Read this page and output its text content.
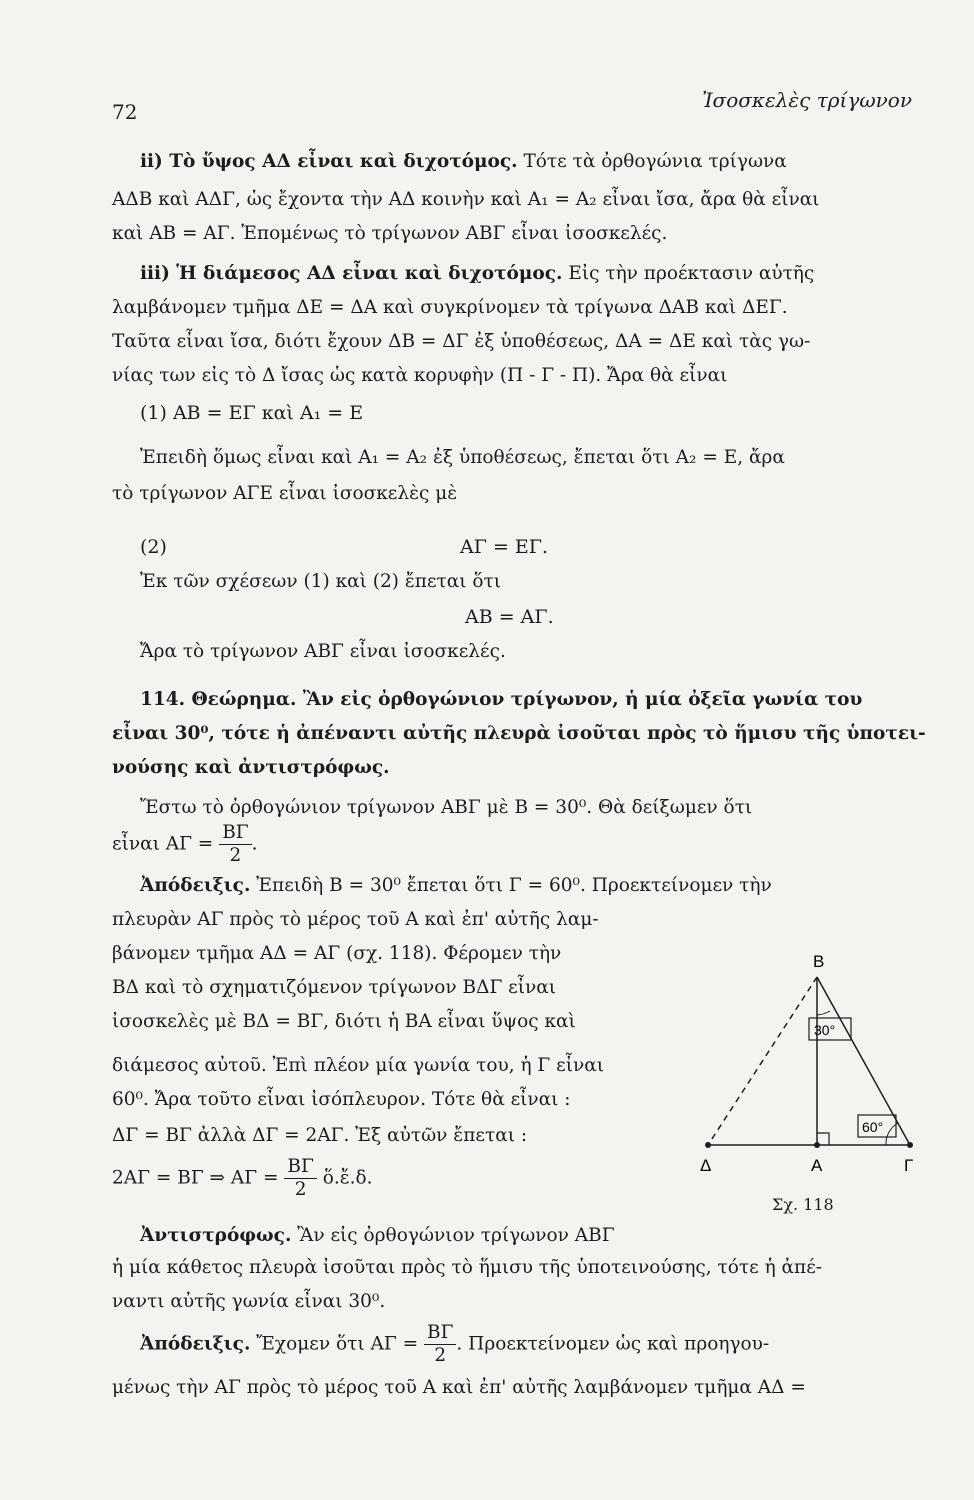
72	Ἰσοσκελὲς τρίγωνον
ii) Τὸ ὕψος ΑΔ εἶναι καὶ διχοτόμος. Τότε τὰ ὀρθογώνια τρίγωνα
ΑΔΒ καὶ ΑΔΓ, ὡς ἔχοντα τὴν ΑΔ κοινὴν καὶ Α₁ = Α₂ εἶναι ἴσα, ἄρα θὰ εἶναι
καὶ ΑΒ = ΑΓ. Ἑπομένως τὸ τρίγωνον ΑΒΓ εἶναι ἰσοσκελές.
iii) Ἡ διάμεσος ΑΔ εἶναι καὶ διχοτόμος. Εἰς τὴν προέκτασιν αὐτῆς
λαμβάνομεν τμῆμα ΔΕ = ΔΑ καὶ συγκρίνομεν τὰ τρίγωνα ΔΑΒ καὶ ΔΕΓ.
Ταῦτα εἶναι ἴσα, διότι ἔχουν ΔΒ = ΔΓ ἐξ ὑποθέσεως, ΔΑ = ΔΕ καὶ τὰς γω-
νίας των εἰς τὸ Δ ἴσας ὡς κατὰ κορυφὴν (Π - Γ - Π). Ἄρα θὰ εἶναι
(1) ΑΒ = ΕΓ καὶ Α₁ = Ε
Ἐπειδὴ ὅμως εἶναι καὶ Α₁ = Α₂ ἐξ ὑποθέσεως, ἔπεται ὅτι Α₂ = Ε, ἄρα
τὸ τρίγωνον ΑΓΕ εἶναι ἰσοσκελὲς μὲ
(2)	ΑΓ = ΕΓ.
Ἐκ τῶν σχέσεων (1) καὶ (2) ἔπεται ὅτι
ΑΒ = ΑΓ.
Ἄρα τὸ τρίγωνον ΑΒΓ εἶναι ἰσοσκελές.
114. Θεώρημα. Ἂν εἰς ὀρθογώνιον τρίγωνον, ἡ μία ὀξεῖα γωνία του
εἶναι 30⁰, τότε ἡ ἀπέναντι αὐτῆς πλευρὰ ἰσοῦται πρὸς τὸ ἥμισυ τῆς ὑποτει-
νούσης καὶ ἀντιστρόφως.
Ἔστω τὸ ὀρθογώνιον τρίγωνον ΑΒΓ μὲ Β = 30⁰. Θὰ δείξωμεν ὅτι
εἶναι $A\Gamma = \frac{B\Gamma}{2}$ .
Ἀπόδειξις. Ἐπειδὴ Β = 30⁰ ἔπεται ὅτι Γ = 60⁰. Προεκτείνομεν τὴν
πλευρὰν ΑΓ πρὸς τὸ μέρος τοῦ Α καὶ ἐπ' αὐτῆς λαμ-
βάνομεν τμῆμα ΑΔ = ΑΓ (σχ. 118). Φέρομεν τὴν
ΒΔ καὶ τὸ σχηματιζόμενον τρίγωνον ΒΔΓ εἶναι
ἰσοσκελὲς μὲ ΒΔ = ΒΓ, διότι ἡ ΒΑ εἶναι ὕψος καὶ
διάμεσος αὐτοῦ. Ἐπὶ πλέον μία γωνία του, ἡ Γ εἶναι
60⁰. Ἄρα τοῦτο εἶναι ἰσόπλευρον. Τότε θὰ εἶναι :
ΔΓ = ΒΓ ἀλλὰ ΔΓ = 2ΑΓ. Ἐξ αὐτῶν ἔπεται :
2ΑΓ = ΒΓ ⇒ $A\Gamma = \frac{B\Gamma}{2}$ ὅ.ἔ.δ.
Ἀντιστρόφως. Ἂν εἰς ὀρθογώνιον τρίγωνον ΑΒΓ
ἡ μία κάθετος πλευρὰ ἰσοῦται πρὸς τὸ ἥμισυ τῆς ὑποτεινούσης, τότε ἡ ἀπέ-
ναντι αὐτῆς γωνία εἶναι 30⁰.
Ἀπόδειξις. Ἔχομεν ὅτι $A\Gamma = \frac{B\Gamma}{2}$ . Προεκτείνομεν ὡς καὶ προηγου-
μένως τὴν ΑΓ πρὸς τὸ μέρος τοῦ Α καὶ ἐπ' αὐτῆς λαμβάνομεν τμῆμα ΑΔ =
Β
Δ	Α	Γ
30°
60°
Σχ. 118
